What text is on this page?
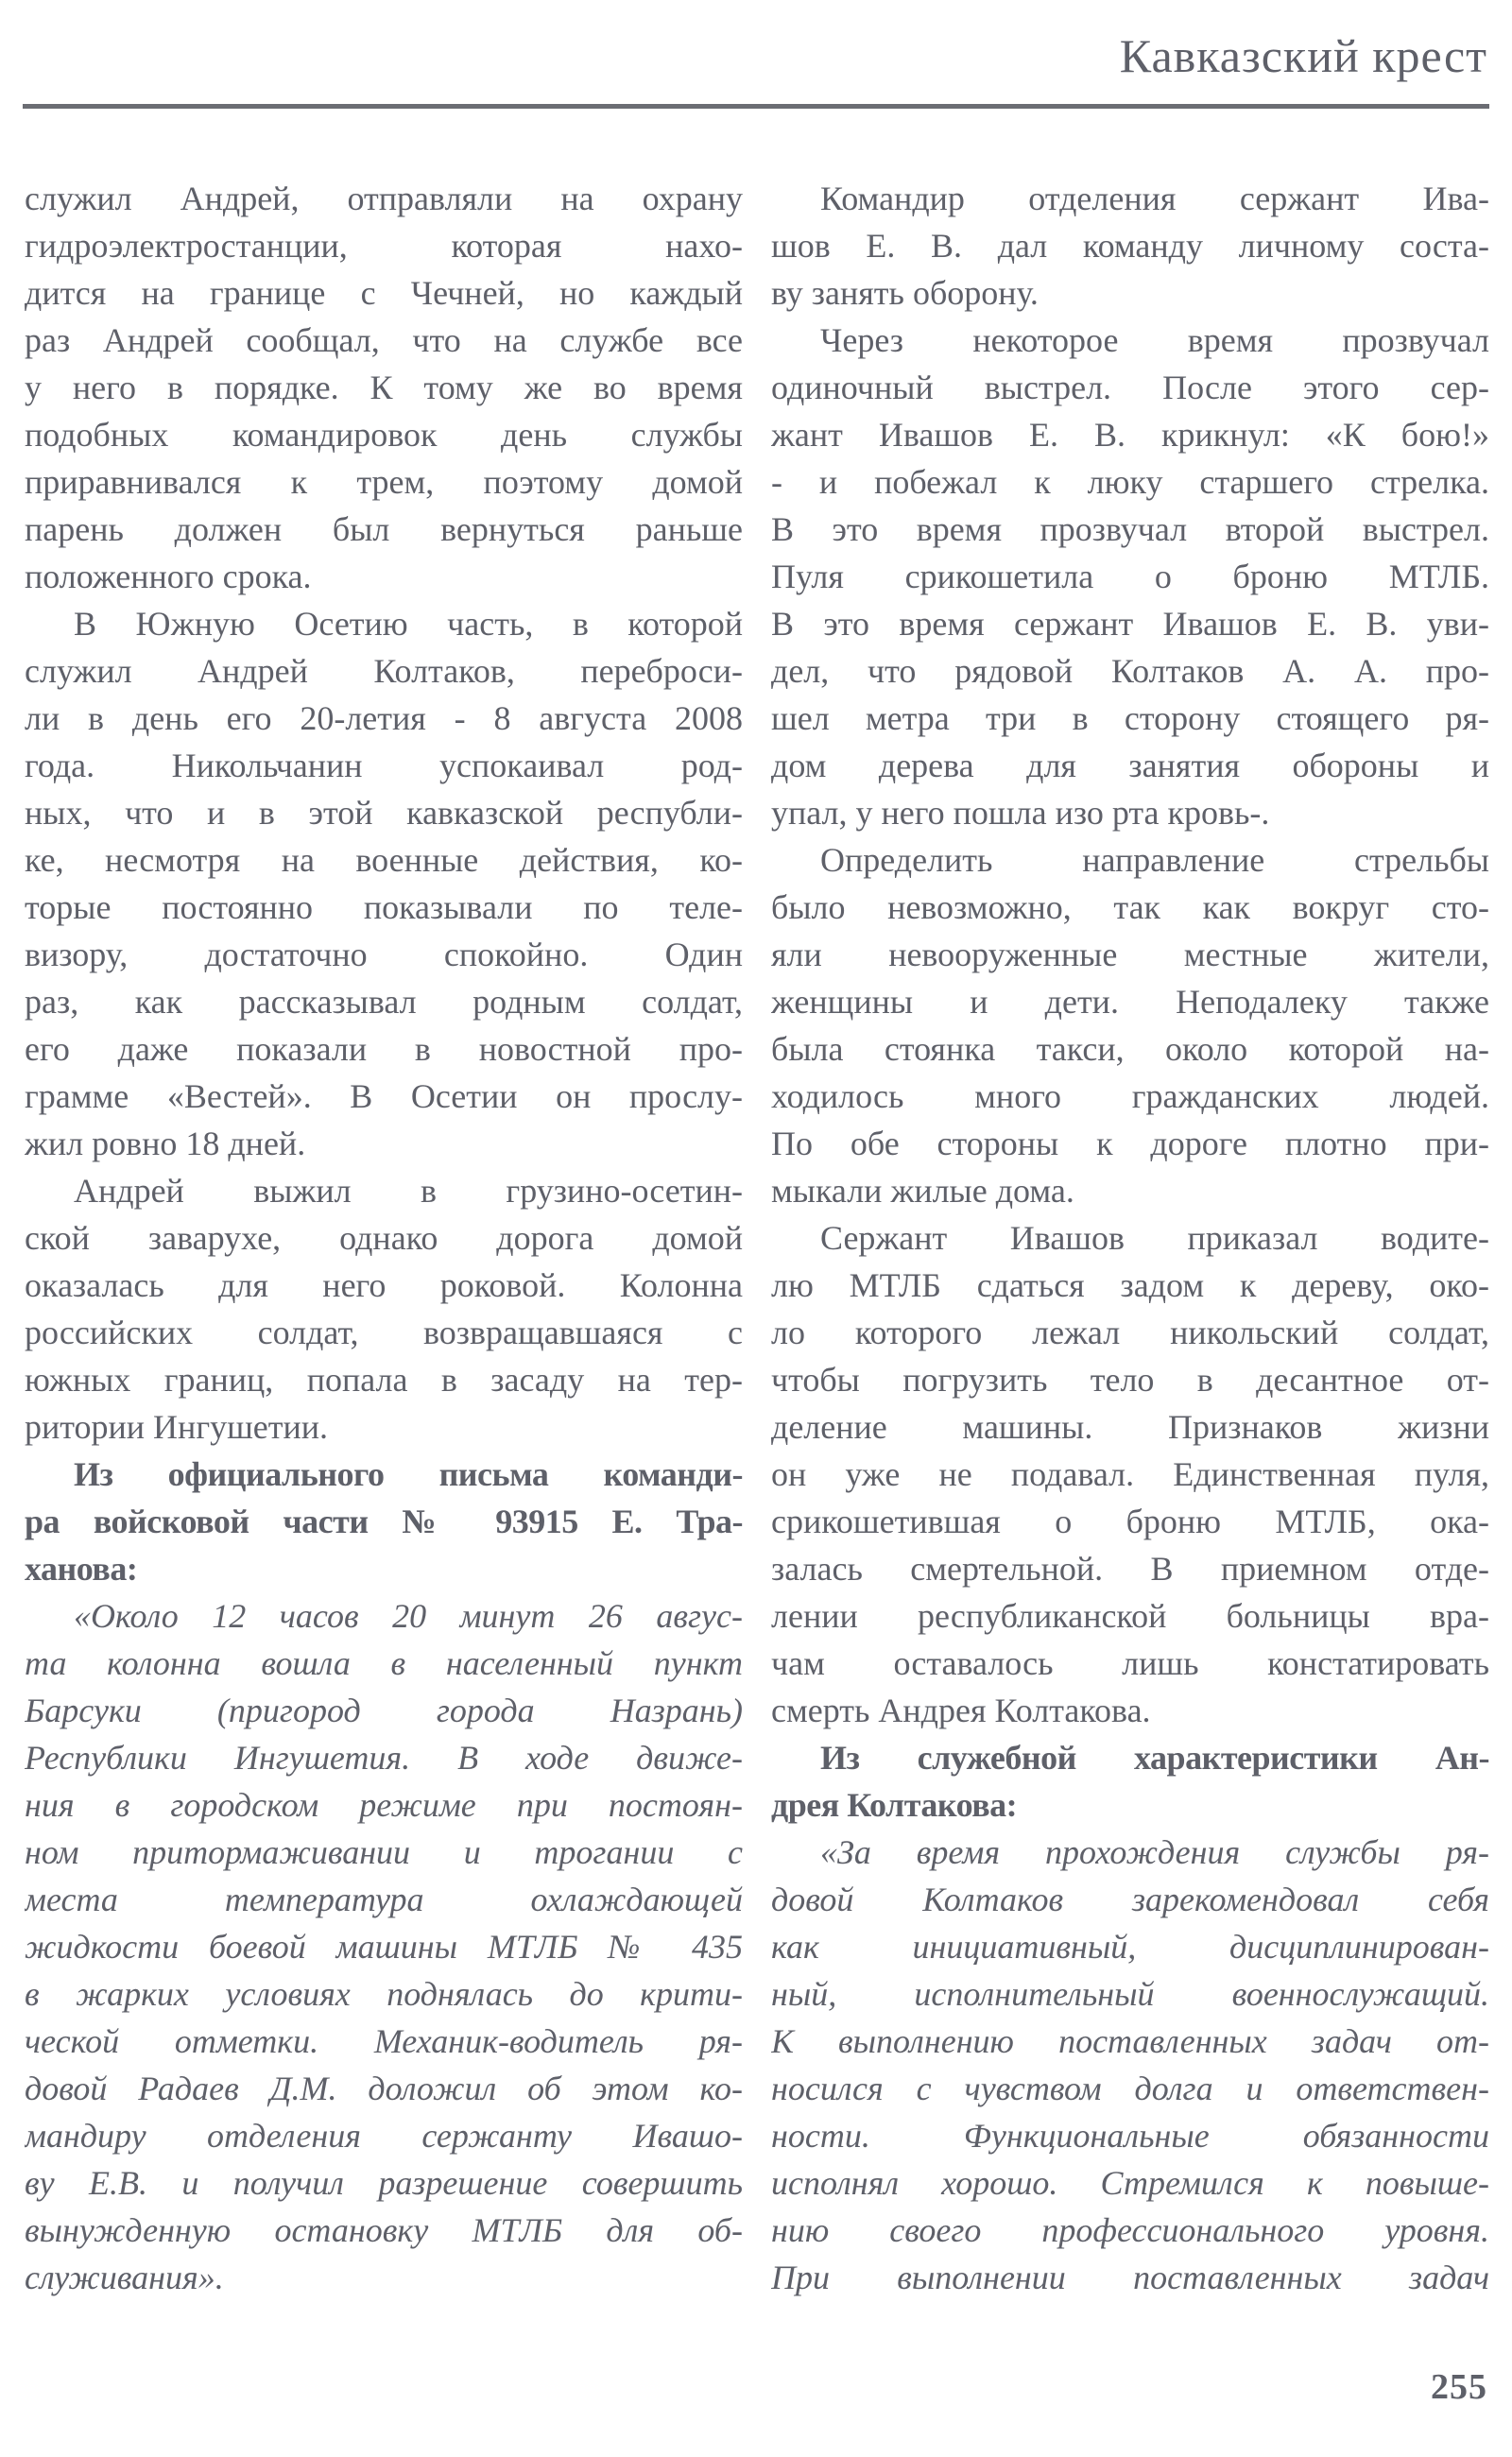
Кавказский крест
служил Андрей, отправляли на охрану
гидроэлектростанции, которая нахо-
дится на границе с Чечней, но каждый
раз Андрей сообщал, что на службе все
у него в порядке. К тому же во время
подобных командировок день службы
приравнивался к трем, поэтому домой
парень должен был вернуться раньше
положенного срока.
В Южную Осетию часть, в которой
служил Андрей Колтаков, переброси-
ли в день его 20-летия - 8 августа 2008
года. Никольчанин успокаивал род-
ных, что и в этой кавказской республи-
ке, несмотря на военные действия, ко-
торые постоянно показывали по теле-
визору, достаточно спокойно. Один
раз, как рассказывал родным солдат,
его даже показали в новостной про-
грамме «Вестей». В Осетии он прослу-
жил ровно 18 дней.
Андрей выжил в грузино-осетин-
ской заварухе, однако дорога домой
оказалась для него роковой. Колонна
российских солдат, возвращавшаяся с
южных границ, попала в засаду на тер-
ритории Ингушетии.
Из официального письма команди-
ра войсковой части № 93915 Е. Тра-
ханова:
«Около 12 часов 20 минут 26 авгус-
та колонна вошла в населенный пункт
Барсуки (пригород города Назрань)
Республики Ингушетия. В ходе движе-
ния в городском режиме при постоян-
ном притормаживании и трогании с
места температура охлаждающей
жидкости боевой машины МТЛБ № 435
в жарких условиях поднялась до крити-
ческой отметки. Механик-водитель ря-
довой Радаев Д.М. доложил об этом ко-
мандиру отделения сержанту Ивашо-
ву Е.В. и получил разрешение совершить
вынужденную остановку МТЛБ для об-
служивания».
Командир отделения сержант Ива-
шов Е. В. дал команду личному соста-
ву занять оборону.
Через некоторое время прозвучал
одиночный выстрел. После этого сер-
жант Ивашов Е. В. крикнул: «К бою!»
- и побежал к люку старшего стрелка.
В это время прозвучал второй выстрел.
Пуля срикошетила о броню МТЛБ.
В это время сержант Ивашов Е. В. уви-
дел, что рядовой Колтаков А. А. про-
шел метра три в сторону стоящего ря-
дом дерева для занятия обороны и
упал, у него пошла изо рта кровь-.
Определить направление стрельбы
было невозможно, так как вокруг сто-
яли невооруженные местные жители,
женщины и дети. Неподалеку также
была стоянка такси, около которой на-
ходилось много гражданских людей.
По обе стороны к дороге плотно при-
мыкали жилые дома.
Сержант Ивашов приказал водите-
лю МТЛБ сдаться задом к дереву, око-
ло которого лежал никольский солдат,
чтобы погрузить тело в десантное от-
деление машины. Признаков жизни
он уже не подавал. Единственная пуля,
срикошетившая о броню МТЛБ, ока-
залась смертельной. В приемном отде-
лении республиканской больницы вра-
чам оставалось лишь констатировать
смерть Андрея Колтакова.
Из служебной характеристики Ан-
дрея Колтакова:
«За время прохождения службы ря-
довой Колтаков зарекомендовал себя
как инициативный, дисциплинирован-
ный, исполнительный военнослужащий.
К выполнению поставленных задач от-
носился с чувством долга и ответствен-
ности. Функциональные обязанности
исполнял хорошо. Стремился к повыше-
нию своего профессионального уровня.
При выполнении поставленных задач
255
